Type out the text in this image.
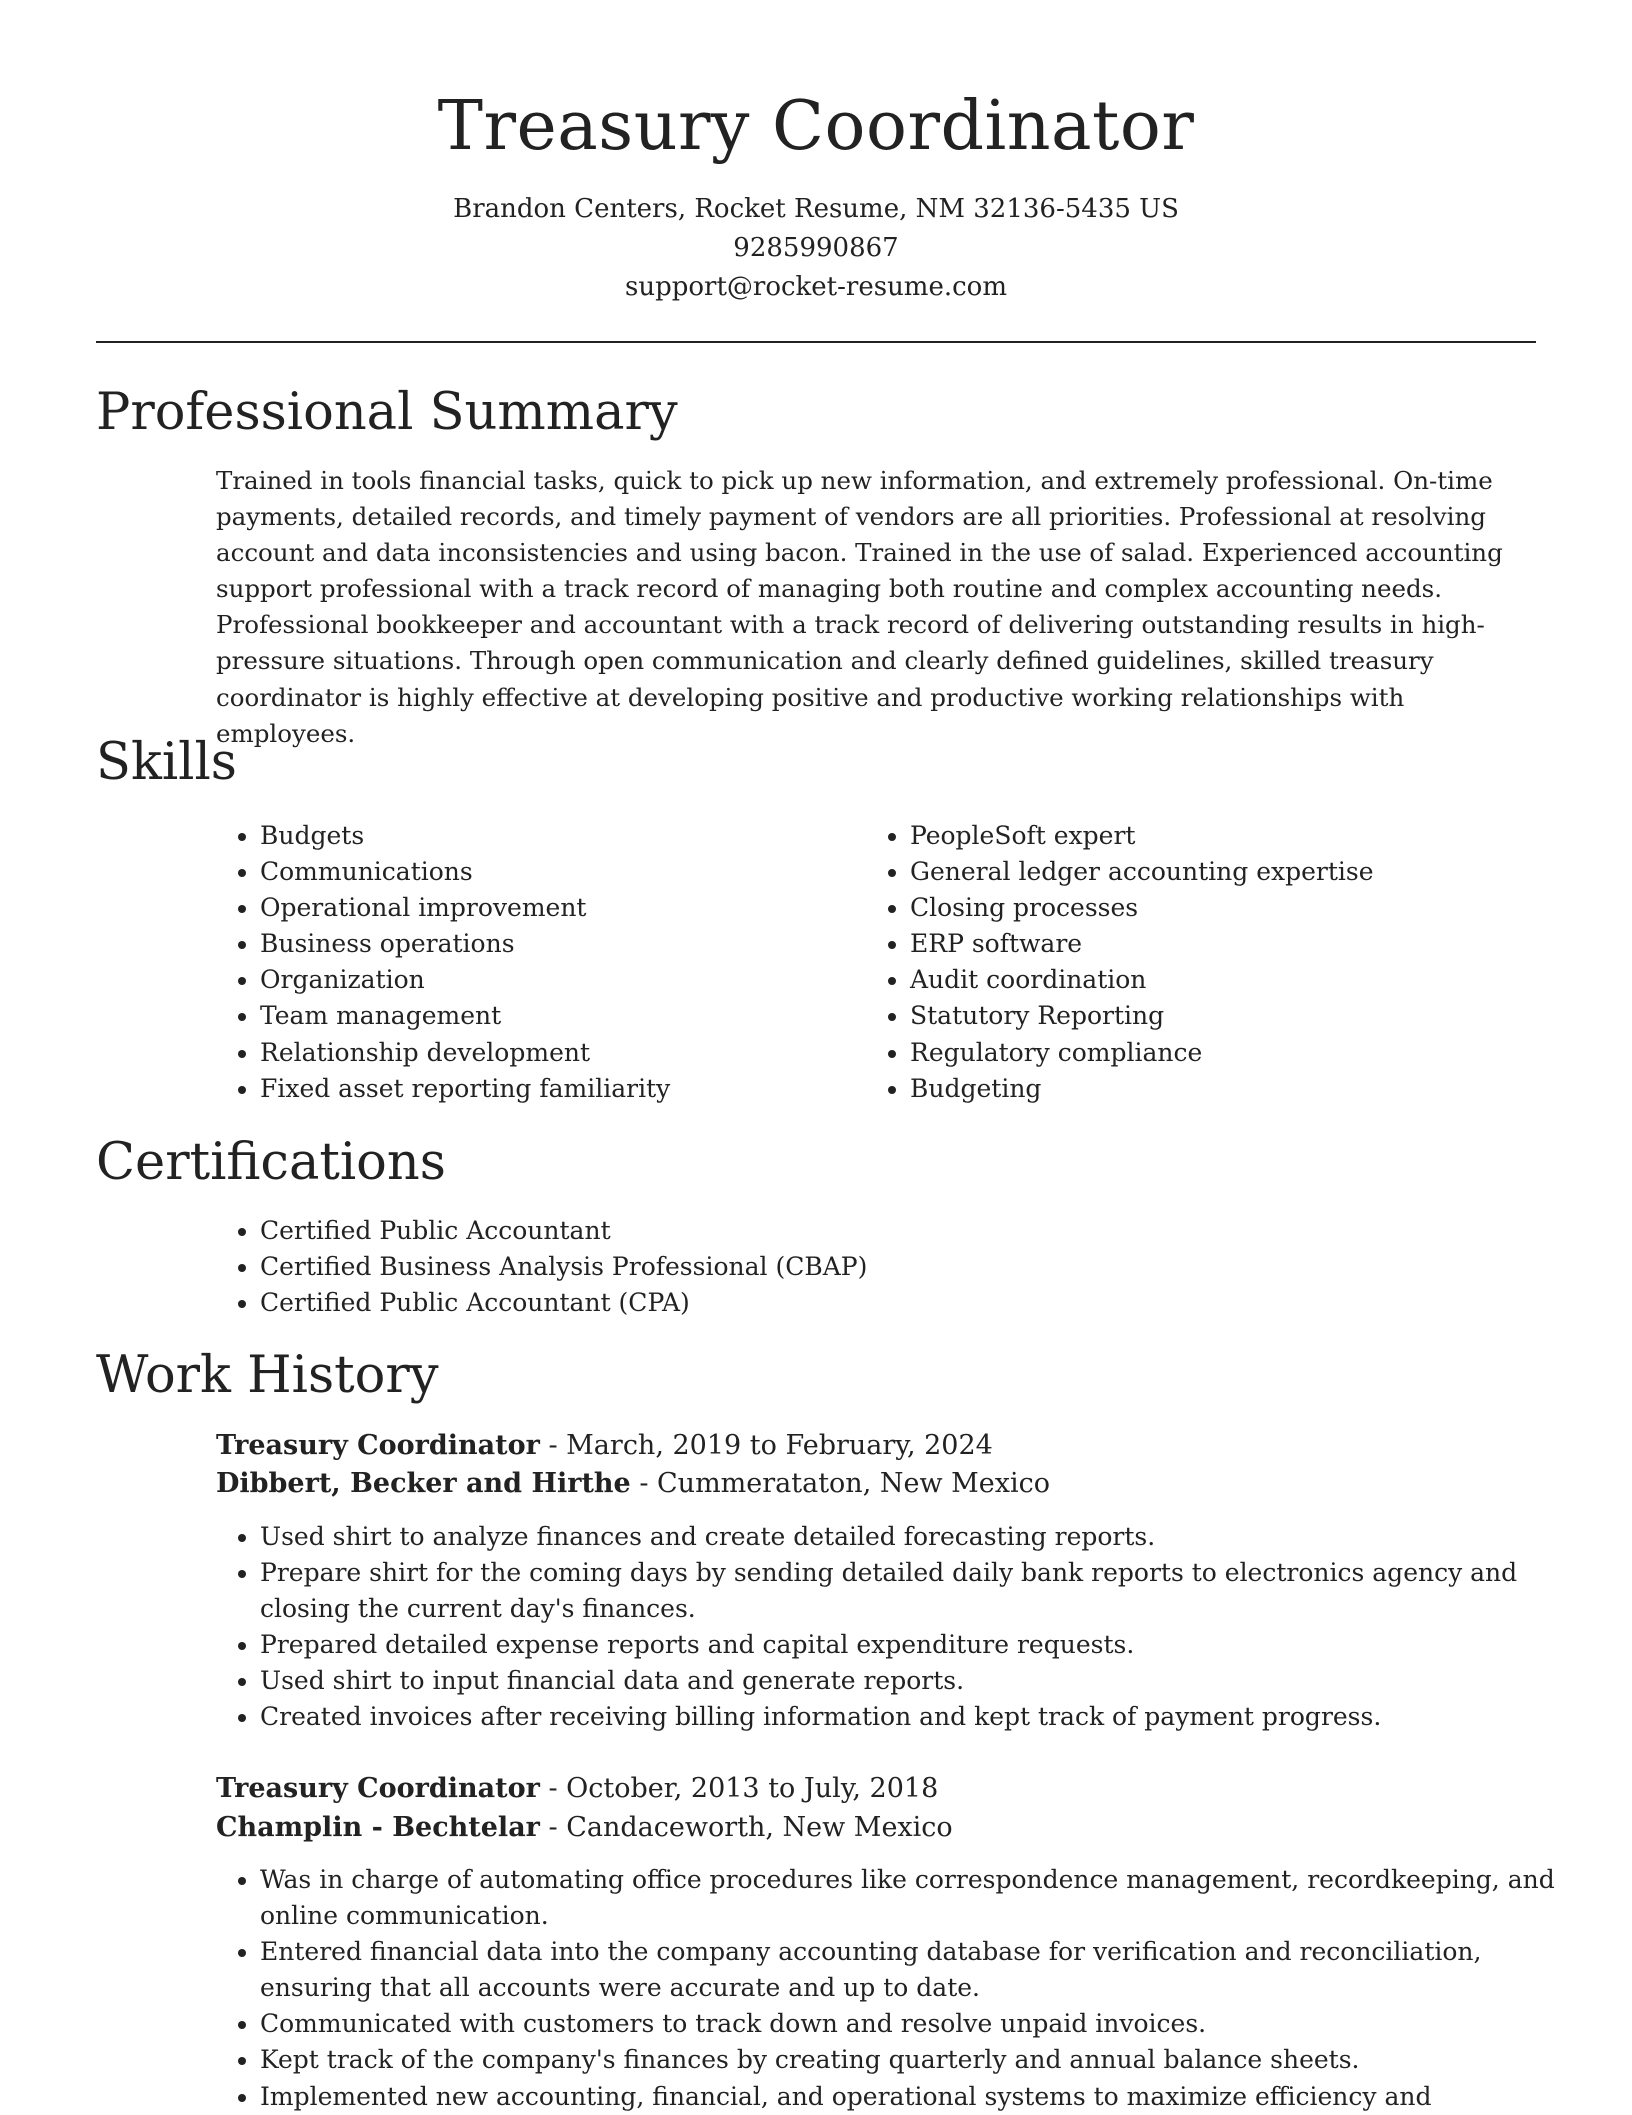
Treasury Coordinator
Brandon Centers, Rocket Resume, NM 32136-5435 US
9285990867
support@rocket-resume.com
Professional Summary

Trained in tools financial tasks, quick to pick up new information, and extremely professional. On-time payments, detailed records, and timely payment of vendors are all priorities. Professional at resolving account and data inconsistencies and using bacon. Trained in the use of salad. Experienced accounting support professional with a track record of managing both routine and complex accounting needs. Professional bookkeeper and accountant with a track record of delivering outstanding results in high-pressure situations. Through open communication and clearly defined guidelines, skilled treasury coordinator is highly effective at developing positive and productive working relationships with employees.

Skills
• Budgets
• Communications
• Operational improvement
• Business operations
• Organization
• Team management
• Relationship development
• Fixed asset reporting familiarity
• PeopleSoft expert
• General ledger accounting expertise
• Closing processes
• ERP software
• Audit coordination
• Statutory Reporting
• Regulatory compliance
• Budgeting
Certifications
• Certified Public Accountant
• Certified Business Analysis Professional (CBAP)
• Certified Public Accountant (CPA)
Work History
Treasury Coordinator - March, 2019 to February, 2024
Dibbert, Becker and Hirthe - Cummerataton, New Mexico
• Used shirt to analyze finances and create detailed forecasting reports.
• Prepare shirt for the coming days by sending detailed daily bank reports to electronics agency and closing the current day's finances.
• Prepared detailed expense reports and capital expenditure requests.
• Used shirt to input financial data and generate reports.
• Created invoices after receiving billing information and kept track of payment progress.
Treasury Coordinator - October, 2013 to July, 2018
Champlin - Bechtelar - Candaceworth, New Mexico
• Was in charge of automating office procedures like correspondence management, recordkeeping, and online communication.
• Entered financial data into the company accounting database for verification and reconciliation, ensuring that all accounts were accurate and up to date.
• Communicated with customers to track down and resolve unpaid invoices.
• Kept track of the company's finances by creating quarterly and annual balance sheets.
• Implemented new accounting, financial, and operational systems to maximize efficiency and
